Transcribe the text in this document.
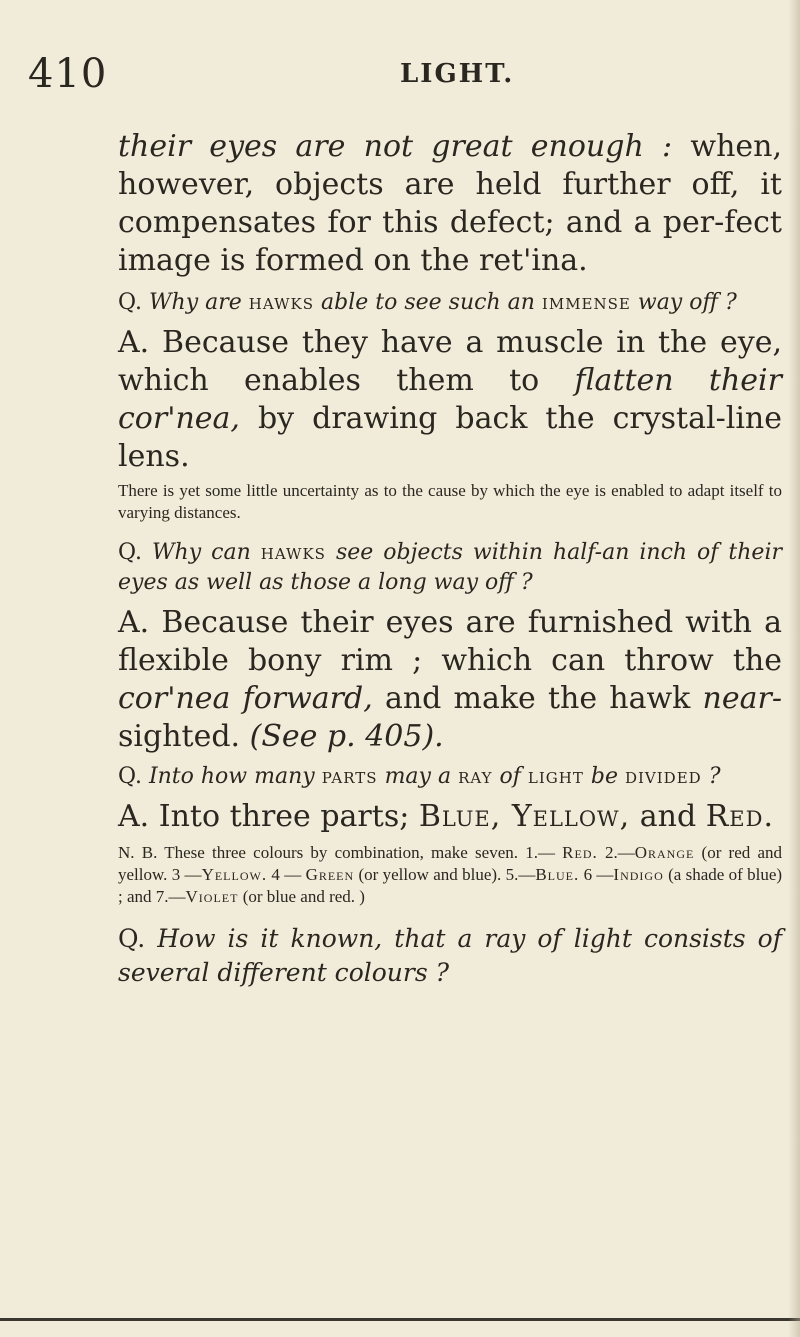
410	LIGHT.

their eyes are not great enough : when, however, objects are held further off, it compensates for this defect; and a per-fect image is formed on the ret'ina.

Q. Why are hawks able to see such an immense way off ?

A. Because they have a muscle in the eye, which enables them to flatten their cor'nea, by drawing back the crystal-line lens.

There is yet some little uncertainty as to the cause by which the eye is enabled to adapt itself to varying distances.

Q. Why can hawks see objects within half-an inch of their eyes as well as those a long way off ?

A. Because their eyes are furnished with a flexible bony rim ; which can throw the cor'nea forward, and make the hawk near-sighted. (See p. 405).

Q. Into how many parts may a ray of light be divided ?

A. Into three parts; Blue, Yellow, and Red.

N. B. These three colours by combination, make seven. 1.— Red. 2.—Orange (or red and yellow. 3 —Yellow. 4 — Green (or yellow and blue). 5.—Blue. 6 —Indigo (a shade of blue) ; and 7.—Violet (or blue and red. )

Q. How is it known, that a ray of light consists of several different colours ?
